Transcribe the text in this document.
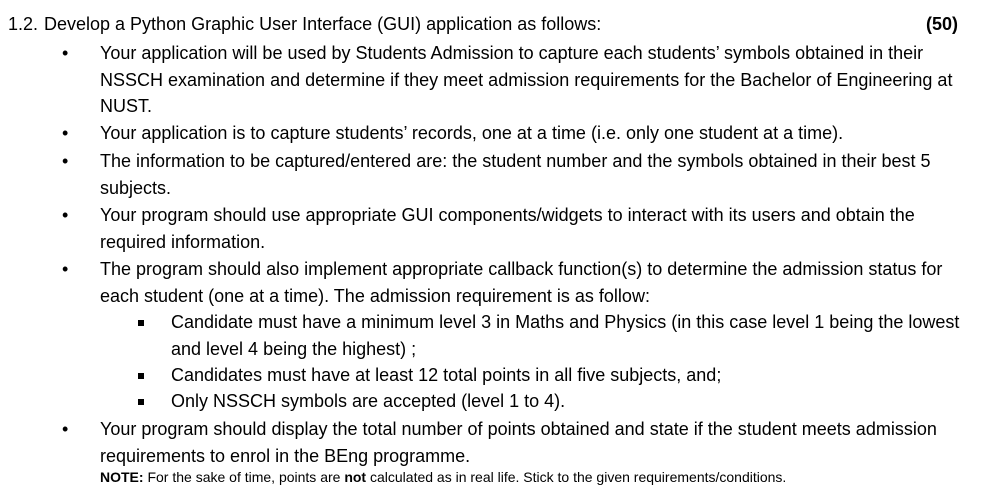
1.2. Develop a Python Graphic User Interface (GUI) application as follows:	(50)
• Your application will be used by Students Admission to capture each students’ symbols obtained in their NSSCH examination and determine if they meet admission requirements for the Bachelor of Engineering at NUST.
• Your application is to capture students’ records, one at a time (i.e. only one student at a time).
• The information to be captured/entered are: the student number and the symbols obtained in their best 5 subjects.
• Your program should use appropriate GUI components/widgets to interact with its users and obtain the required information.
• The program should also implement appropriate callback function(s) to determine the admission status for each student (one at a time). The admission requirement is as follow:
Candidate must have a minimum level 3 in Maths and Physics (in this case level 1 being the lowest and level 4 being the highest) ;
Candidates must have at least 12 total points in all five subjects, and;
Only NSSCH symbols are accepted (level 1 to 4).
• Your program should display the total number of points obtained and state if the student meets admission requirements to enrol in the BEng programme.
NOTE: For the sake of time, points are not calculated as in real life. Stick to the given requirements/conditions.
